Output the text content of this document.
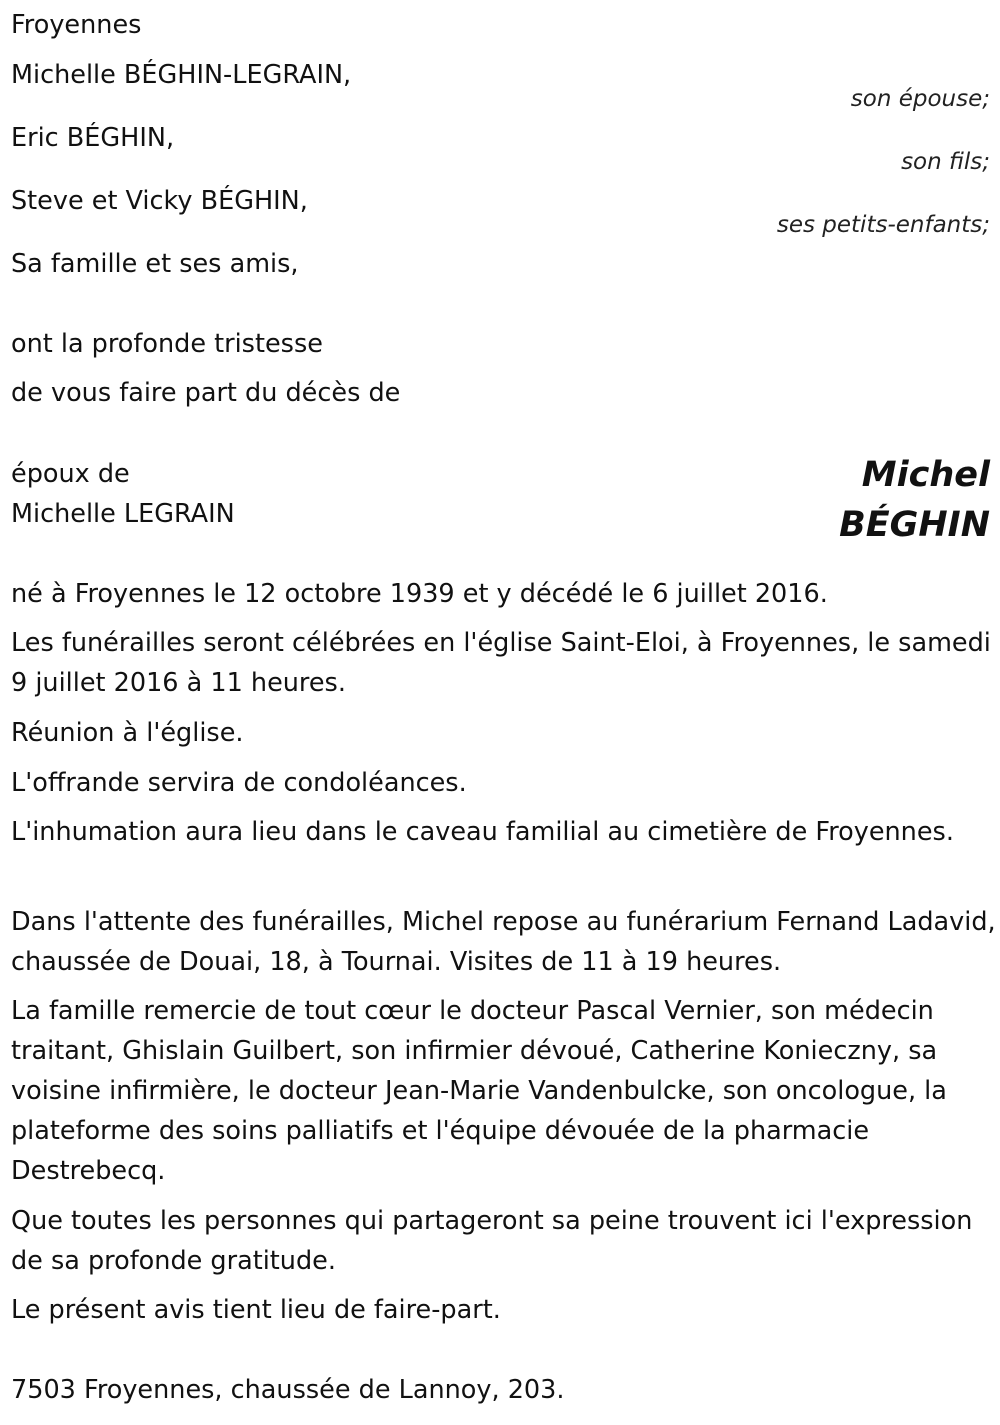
Froyennes

Michelle BÉGHIN-LEGRAIN,

son épouse;

Eric BÉGHIN,

son fils;

Steve et Vicky BÉGHIN,

ses petits-enfants;

Sa famille et ses amis,

ont la profonde tristesse

de vous faire part du décès de

époux de

Michelle LEGRAIN

Michel
BÉGHIN

né à Froyennes le 12 octobre 1939 et y décédé le 6 juillet 2016.

Les funérailles seront célébrées en l'église Saint-Eloi, à Froyennes, le samedi 9 juillet 2016 à 11 heures.

Réunion à l'église.

L'offrande servira de condoléances.

L'inhumation aura lieu dans le caveau familial au cimetière de Froyennes.

Dans l'attente des funérailles, Michel repose au funérarium Fernand Ladavid, chaussée de Douai, 18, à Tournai. Visites de 11 à 19 heures.

La famille remercie de tout cœur le docteur Pascal Vernier, son médecin traitant, Ghislain Guilbert, son infirmier dévoué, Catherine Konieczny, sa voisine infirmière, le docteur Jean-Marie Vandenbulcke, son oncologue, la plateforme des soins palliatifs et l'équipe dévouée de la pharmacie Destrebecq.

Que toutes les personnes qui partageront sa peine trouvent ici l'expression de sa profonde gratitude.

Le présent avis tient lieu de faire-part.

7503 Froyennes, chaussée de Lannoy, 203.
